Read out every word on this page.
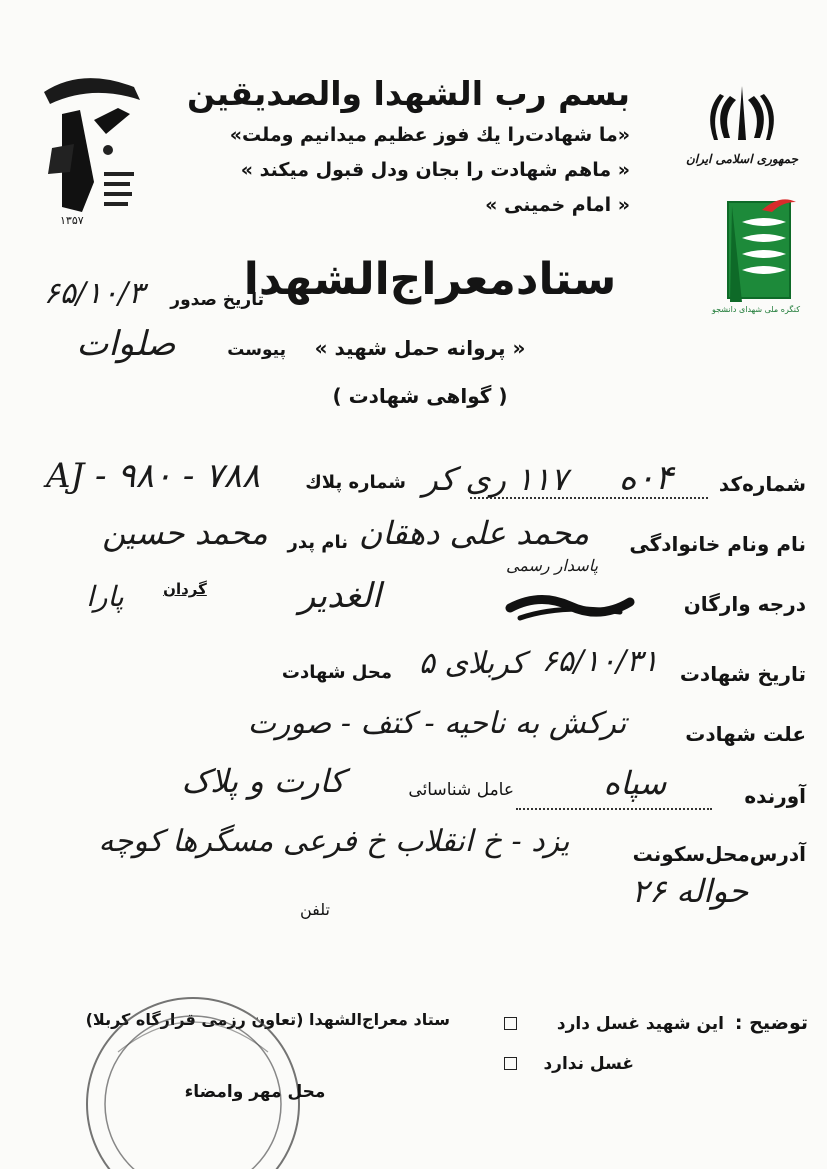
۱۳۵۷
جمهوری اسلامی ایران
کنگره ملی شهدای دانشجو
بسم رب الشهدا والصدیقین
«ما شهادت‌را یك فوز عظیم میدانیم وملت»
« ماهم شهادت را بجان ودل قبول میکند »
« امام خمینی »
ستادمعراج‌الشهدا
تاریخ صدور
۶۵/۱۰/۳
پیوست
صلوات	« پروانه حمل شهید »
( گواهی شهادت )
شماره‌کد
۰۴ه
۱۱۷ ری کر
شماره پلاك
AJ - ۹۸۰ - ۷۸۸
نام ونام خانوادگی
محمد علی دهقان
نام پدر
محمد حسین
درجه وارگان
پاسدار رسمی
الغدیر
گردان
پارا
تاریخ شهادت
۶۵/۱۰/۳۱
کربلای ۵
محل شهادت
علت شهادت
ترکش به ناحیه - کتف - صورت
آورنده
سپاه
عامل شناسائی
کارت و پلاک
آدرس‌محل‌سکونت
یزد - خ انقلاب خ فرعی مسگرها کوچه
حواله ۲۶
تلفن
توضیح :
این شهید غسل دارد
غسل ندارد
ستاد معراج‌الشهدا (تعاون رزمی قرارگاه کربلا)
محل مهر وامضاء
